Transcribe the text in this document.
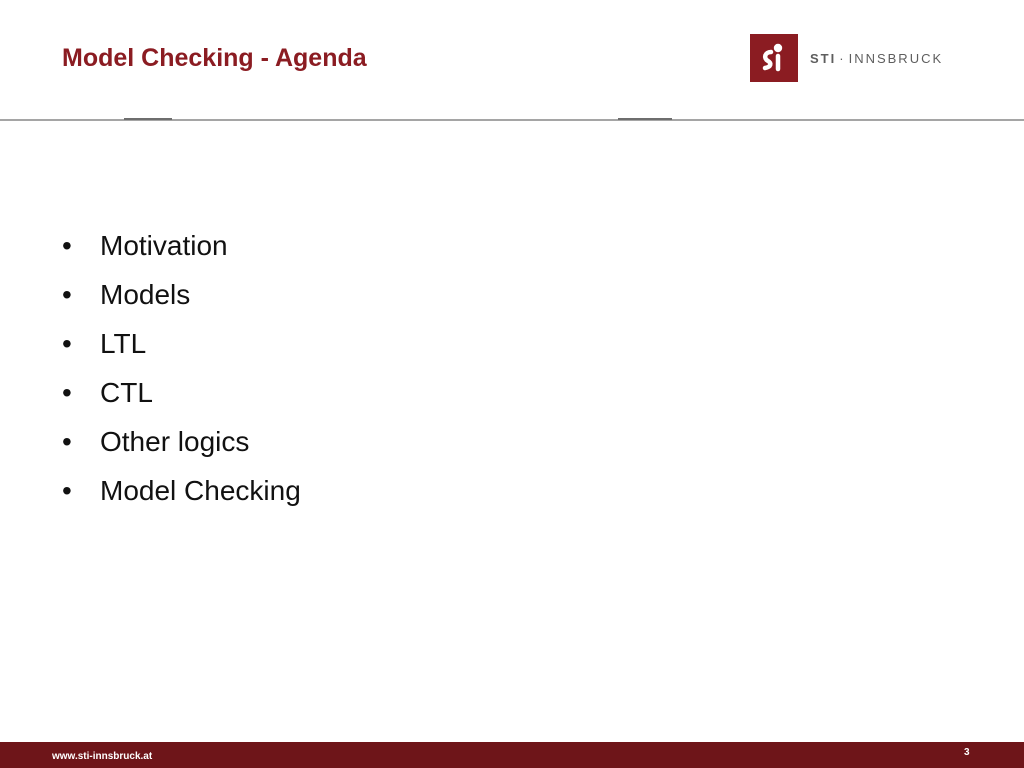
Model Checking - Agenda	STI · INNSBRUCK
•	Motivation
•	Models
•	LTL
•	CTL
•	Other logics
•	Model Checking
www.sti-innsbruck.at	3
